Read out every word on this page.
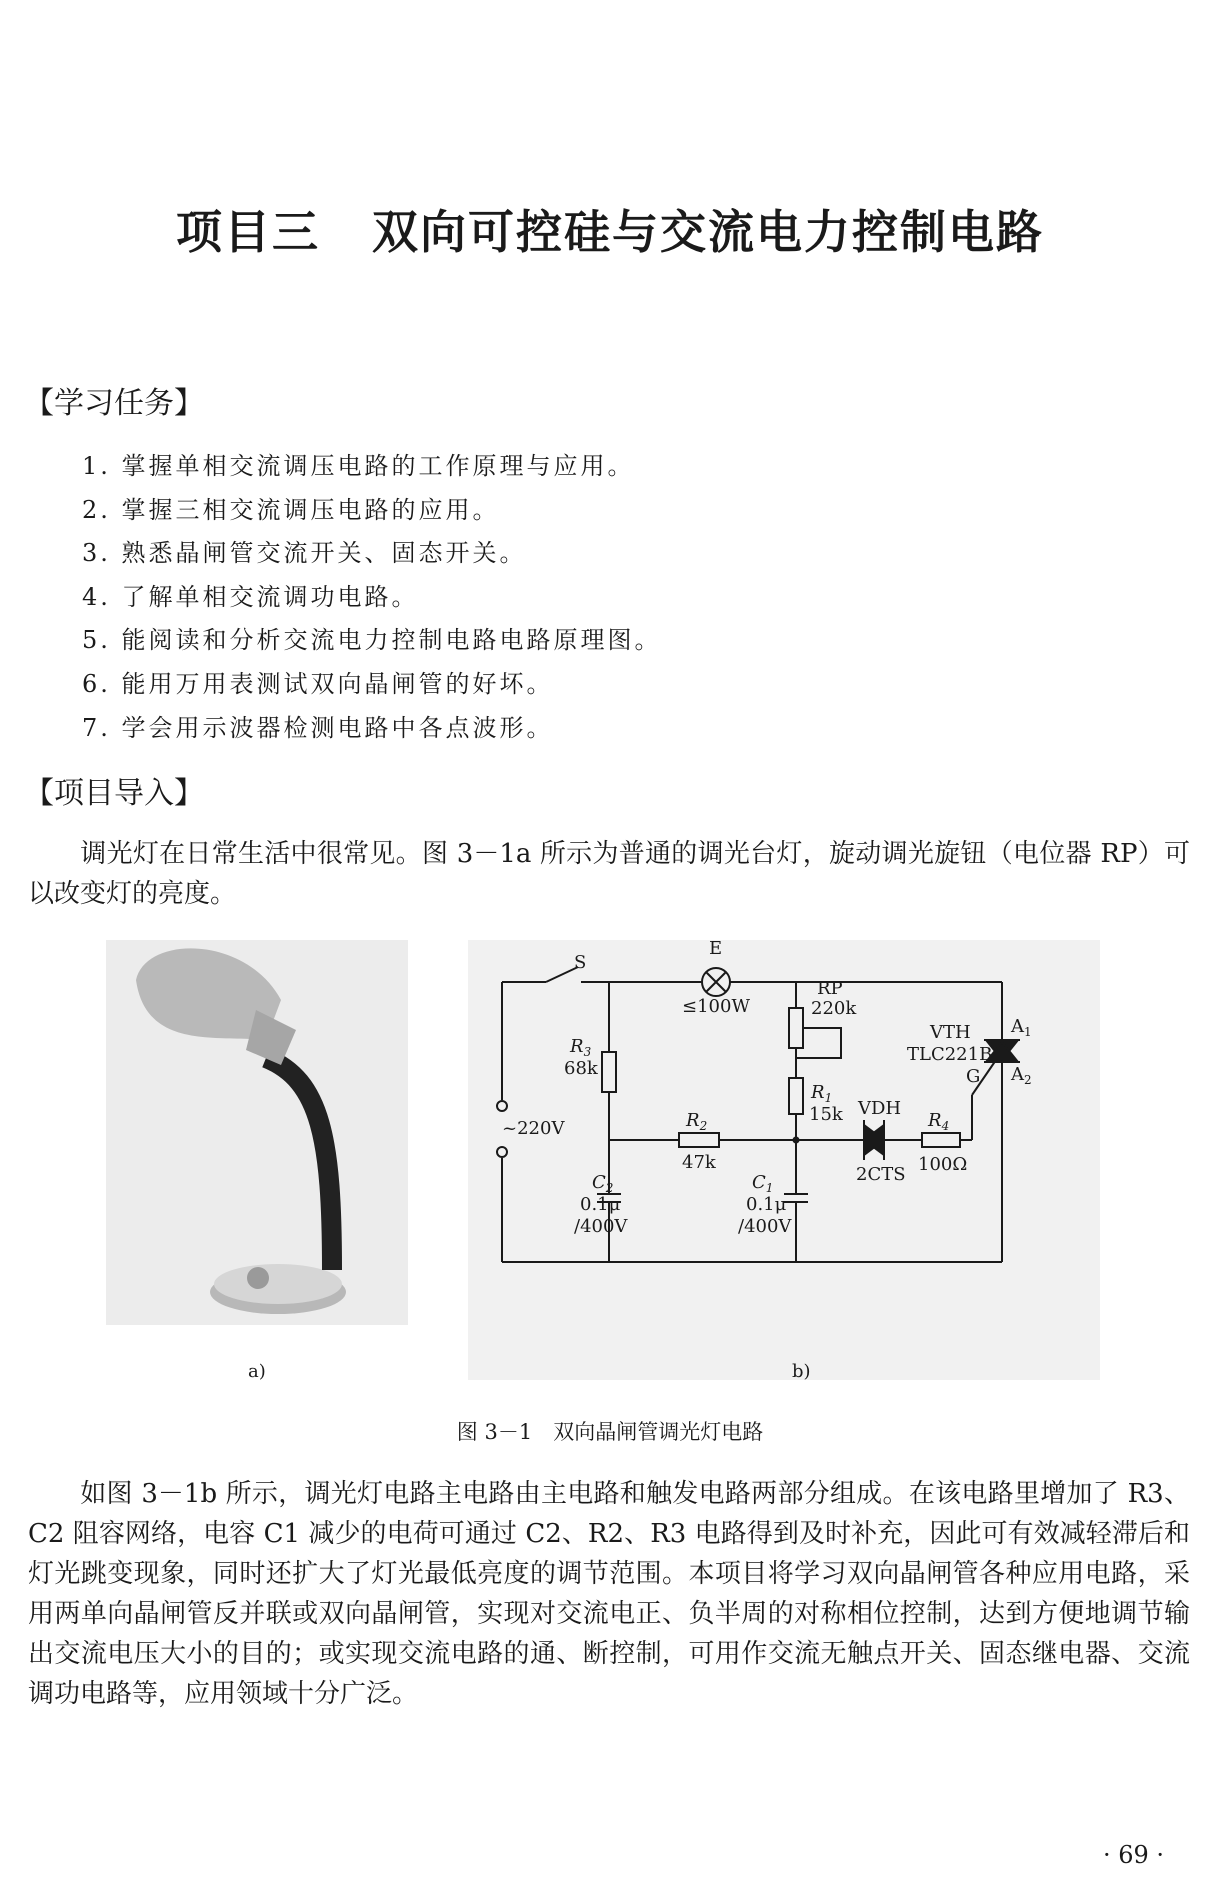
项目三 双向可控硅与交流电力控制电路
【学习任务】
1. 掌握单相交流调压电路的工作原理与应用。
2. 掌握三相交流调压电路的应用。
3. 熟悉晶闸管交流开关、固态开关。
4. 了解单相交流调功电路。
5. 能阅读和分析交流电力控制电路电路原理图。
6. 能用万用表测试双向晶闸管的好坏。
7. 学会用示波器检测电路中各点波形。
【项目导入】
调光灯在日常生活中很常见。图 3－1a 所示为普通的调光台灯，旋动调光旋钮（电位器 RP）可以改变灯的亮度。
S
E
≤100W
RP
220k
$R_3$
68k
VTH
TLC221B
$A_1$
$A_2$
G
$R_1$
15k
~220V
VDH
$R_2$	$R_4$
47k
2CTS 100Ω
$C_2$
0.1μ
/400V
$C_1$
0.1μ
/400V
a)	b)
图 3－1　双向晶闸管调光灯电路
如图 3－1b 所示，调光灯电路主电路由主电路和触发电路两部分组成。在该电路里增加了 R3、C2 阻容网络，电容 C1 减少的电荷可通过 C2、R2、R3 电路得到及时补充，因此可有效减轻滞后和灯光跳变现象，同时还扩大了灯光最低亮度的调节范围。本项目将学习双向晶闸管各种应用电路，采用两单向晶闸管反并联或双向晶闸管，实现对交流电正、负半周的对称相位控制，达到方便地调节输出交流电压大小的目的；或实现交流电路的通、断控制，可用作交流无触点开关、固态继电器、交流调功电路等，应用领域十分广泛。
· 69 ·
